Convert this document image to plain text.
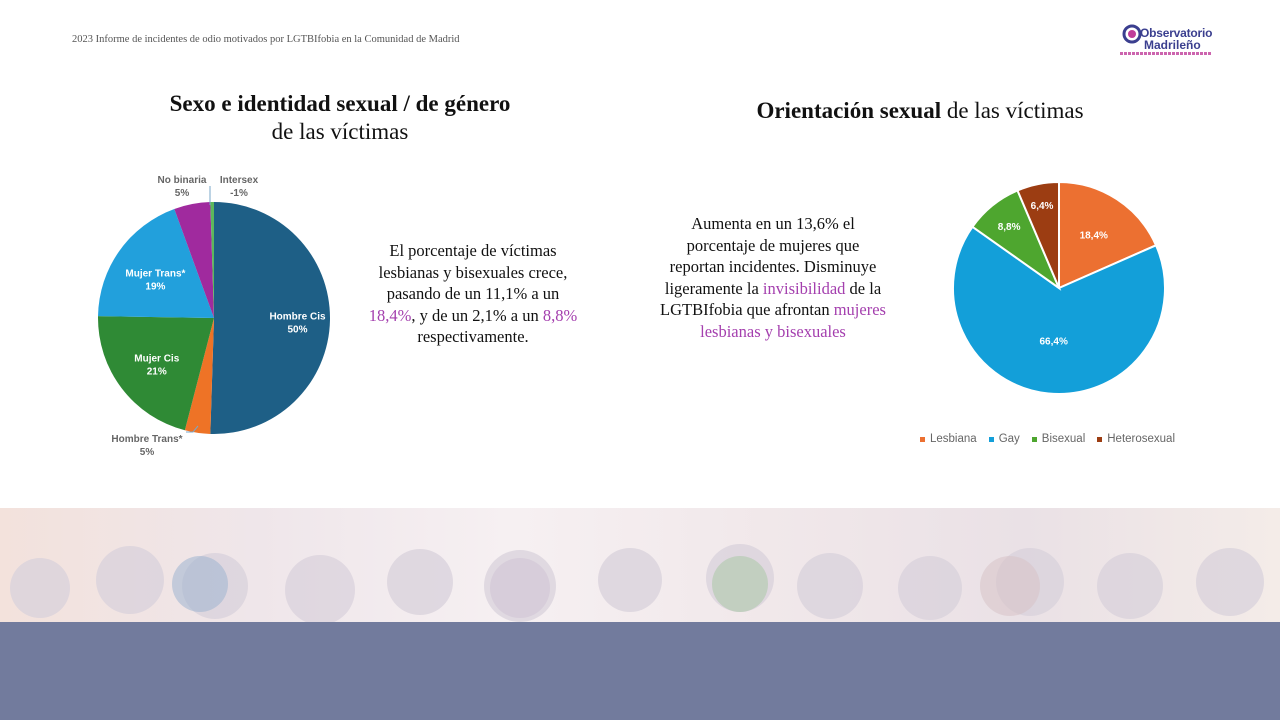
2023 Informe de incidentes de odio motivados por LGTBIfobia en la Comunidad de Madrid	Observatorio
Madrileño
Sexo e identidad sexual / de género
de las víctimas
Orientación sexual de las víctimas
Hombre Cis
50%
Hombre Trans*
5%
Mujer Cis
21%
Mujer Trans*
19%
No binaria
5%
Intersex
-1%
El porcentaje de víctimas lesbianas y bisexuales crece, pasando de un 11,1% a un 18,4%, y de un 2,1% a un 8,8% respectivamente.
Aumenta en un 13,6% el porcentaje de mujeres que reportan incidentes. Disminuye ligeramente la invisibilidad de la LGTBIfobia que afrontan mujeres lesbianas y bisexuales
18,4%
66,4%
8,8%
6,4%
Lesbiana Gay Bisexual Heterosexual
